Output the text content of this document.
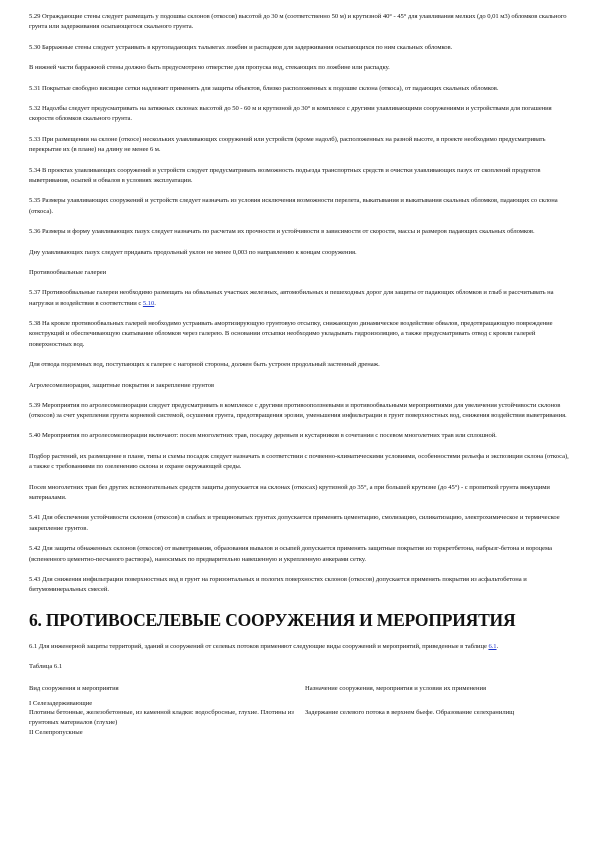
5.29 Ограждающие стены следует размещать у подошвы склонов (откосов) высотой до 30 м (соответственно 50 м) и крутизной 40° - 45° для улавливания мелких (до 0,01 м3) обломков скального грунта или задерживания осыпающегося скального грунта.

5.30 Барражные стены следует устраивать в крутопадающих тальвегах ложбин и распадков для задерживания осыпающихся по ним скальных обломков.

В нижней части барражной стены должно быть предусмотрено отверстие для пропуска вод, стекающих по ложбине или распадку.

5.31 Покрытые свободно висящие сетки надлежит применять для защиты объектов, близко расположенных к подошве склона (откоса), от падающих скальных обломков.

5.32 Надолбы следует предусматривать на затяжных склонах высотой до 50 - 60 м и крутизной до 30° в комплексе с другими улавливающими сооружениями и устройствами для погашения скорости обломков скального грунта.

5.33 При размещении на склоне (откосе) нескольких улавливающих сооружений или устройств (кроме надолб), расположенных на разной высоте, в проекте необходимо предусматривать перекрытие их (в плане) на длину не менее 6 м.

5.34 В проектах улавливающих сооружений и устройств следует предусматривать возможность подъезда транспортных средств и очистки улавливающих пазух от скоплений продуктов выветривания, осыпей и обвалов в условиях эксплуатации.

5.35 Размеры улавливающих сооружений и устройств следует назначать из условия исключения возможности перелета, выкатывания и выкатывания скальных обломков, падающих со склона (откоса).

5.36 Размеры и форму улавливающих пазух следует назначать по расчетам их прочности и устойчивости в зависимости от скорости, массы и размеров падающих скальных обломков.

Дну улавливающих пазух следует придавать продольный уклон не менее 0,003 по направлению к концам сооружения.

Противообвальные галереи

5.37 Противообвальные галереи необходимо размещать на обвальных участках железных, автомобильных и пешеходных дорог для защиты от падающих обломков и глыб и рассчитывать на нагрузки и воздействия в соответствии с 5.10.

5.38 На кровле противообвальных галерей необходимо устраивать амортизирующую грунтовую отсыпку, снижающую динамическое воздействие обвалов, предотвращающую повреждение конструкций и обеспечивающую скатывание обломков через галерею. В основании отсыпки необходимо укладывать гидроизоляцию, а также предусматривать отвод с кровли галерей поверхностных вод.

Для отвода подземных вод, поступающих к галерее с нагорной стороны, должен быть устроен продольный застенный дренаж.

Агролесомелиорация, защитные покрытия и закрепление грунтов

5.39 Мероприятия по агролесомелиорации следует предусматривать в комплексе с другими противооползневыми и противообвальными мероприятиями для увеличения устойчивости склонов (откосов) за счет укрепления грунта корневой системой, осушения грунта, предотвращения эрозии, уменьшения инфильтрации в грунт поверхностных вод, снижения воздействия выветривания.

5.40 Мероприятия по агролесомелиорации включают: посев многолетних трав, посадку деревьев и кустарников в сочетании с посевом многолетних трав или сплошной.

Подбор растений, их размещение в плане, типы и схемы посадок следует назначать в соответствии с почвенно-климатическими условиями, особенностями рельефа и экспозиции склона (откоса), а также с требованиями по озеленению склона и охране окружающей среды.

Посев многолетних трав без других вспомогательных средств защиты допускается на склонах (откосах) крутизной до 35°, а при большей крутизне (до 45°) - с пропиткой грунта вяжущими материалами.

5.41 Для обеспечения устойчивости склонов (откосов) в слабых и трещиноватых грунтах допускается применять цементацию, смолизацию, силикатизацию, электрохимическое и термическое закрепление грунтов.

5.42 Для защиты обнаженных склонов (откосов) от выветривания, образования вывалов и осыпей допускается применять защитные покрытия из торкретбетона, набрызг-бетона и вороцема (вспененного цементно-песчаного раствора), наносимых по предварительно навешенную и укрепленную анкерами сетку.

5.43 Для снижения инфильтрации поверхностных вод в грунт на горизонтальных и пологих поверхностях склонов (откосов) допускается применять покрытия из асфальтобетона и битумоминеральных смесей.

6. ПРОТИВОСЕЛЕВЫЕ СООРУЖЕНИЯ И МЕРОПРИЯТИЯ

6.1 Для инженерной защиты территорий, зданий и сооружений от селевых потоков применяют следующие виды сооружений и мероприятий, приведенные в таблице 6.1.

Таблица 6.1

Вид сооружения и мероприятия	Назначение сооружения, мероприятия и условия их применения
I Селезадерживающие	
Плотины бетонные, железобетонные, из каменной кладки: водосбросные, глухие. Плотины из грунтовых материалов (глухие)	Задержание селевого потока в верхнем бьефе. Образование селехранилищ
II Селепропускные	
